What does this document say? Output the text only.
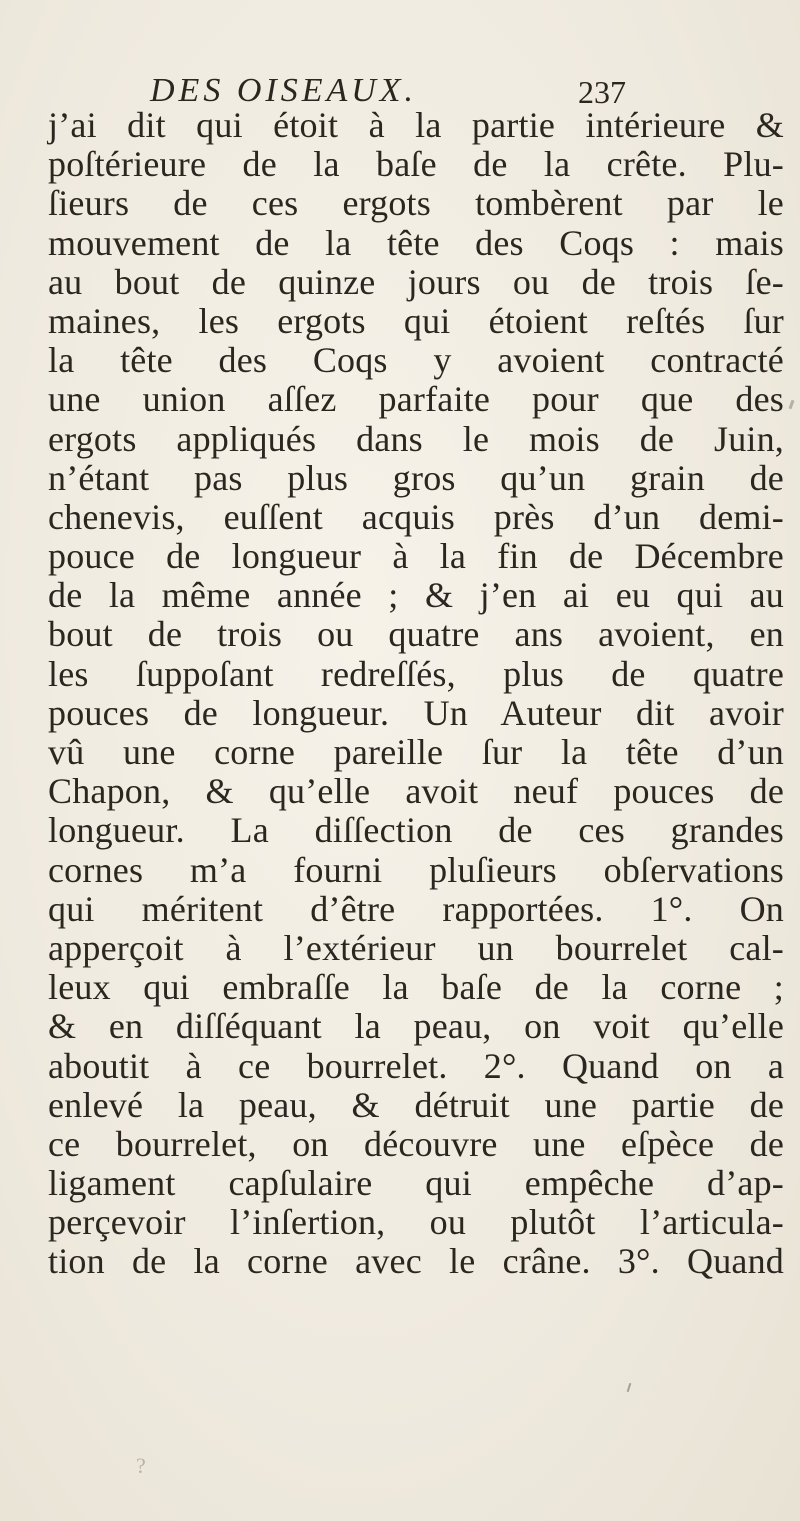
DES OISEAUX.	237
j’ai dit qui étoit à la partie intérieure &
poſtérieure de la baſe de la crête. Plu-
ſieurs de ces ergots tombèrent par le
mouvement de la tête des Coqs : mais
au bout de quinze jours ou de trois ſe-
maines, les ergots qui étoient reſtés ſur
la tête des Coqs y avoient contracté
une union aſſez parfaite pour que des
ergots appliqués dans le mois de Juin,
n’étant pas plus gros qu’un grain de
chenevis, euſſent acquis près d’un demi-
pouce de longueur à la fin de Décembre
de la même année ; & j’en ai eu qui au
bout de trois ou quatre ans avoient, en
les ſuppoſant redreſſés, plus de quatre
pouces de longueur. Un Auteur dit avoir
vû une corne pareille ſur la tête d’un
Chapon, & qu’elle avoit neuf pouces de
longueur. La diſſection de ces grandes
cornes m’a fourni pluſieurs obſervations
qui méritent d’être rapportées. 1°. On
apperçoit à l’extérieur un bourrelet cal-
leux qui embraſſe la baſe de la corne ;
& en diſſéquant la peau, on voit qu’elle
aboutit à ce bourrelet. 2°. Quand on a
enlevé la peau, & détruit une partie de
ce bourrelet, on découvre une eſpèce de
ligament capſulaire qui empêche d’ap-
perçevoir l’inſertion, ou plutôt l’articula-
tion de la corne avec le crâne. 3°. Quand
?
